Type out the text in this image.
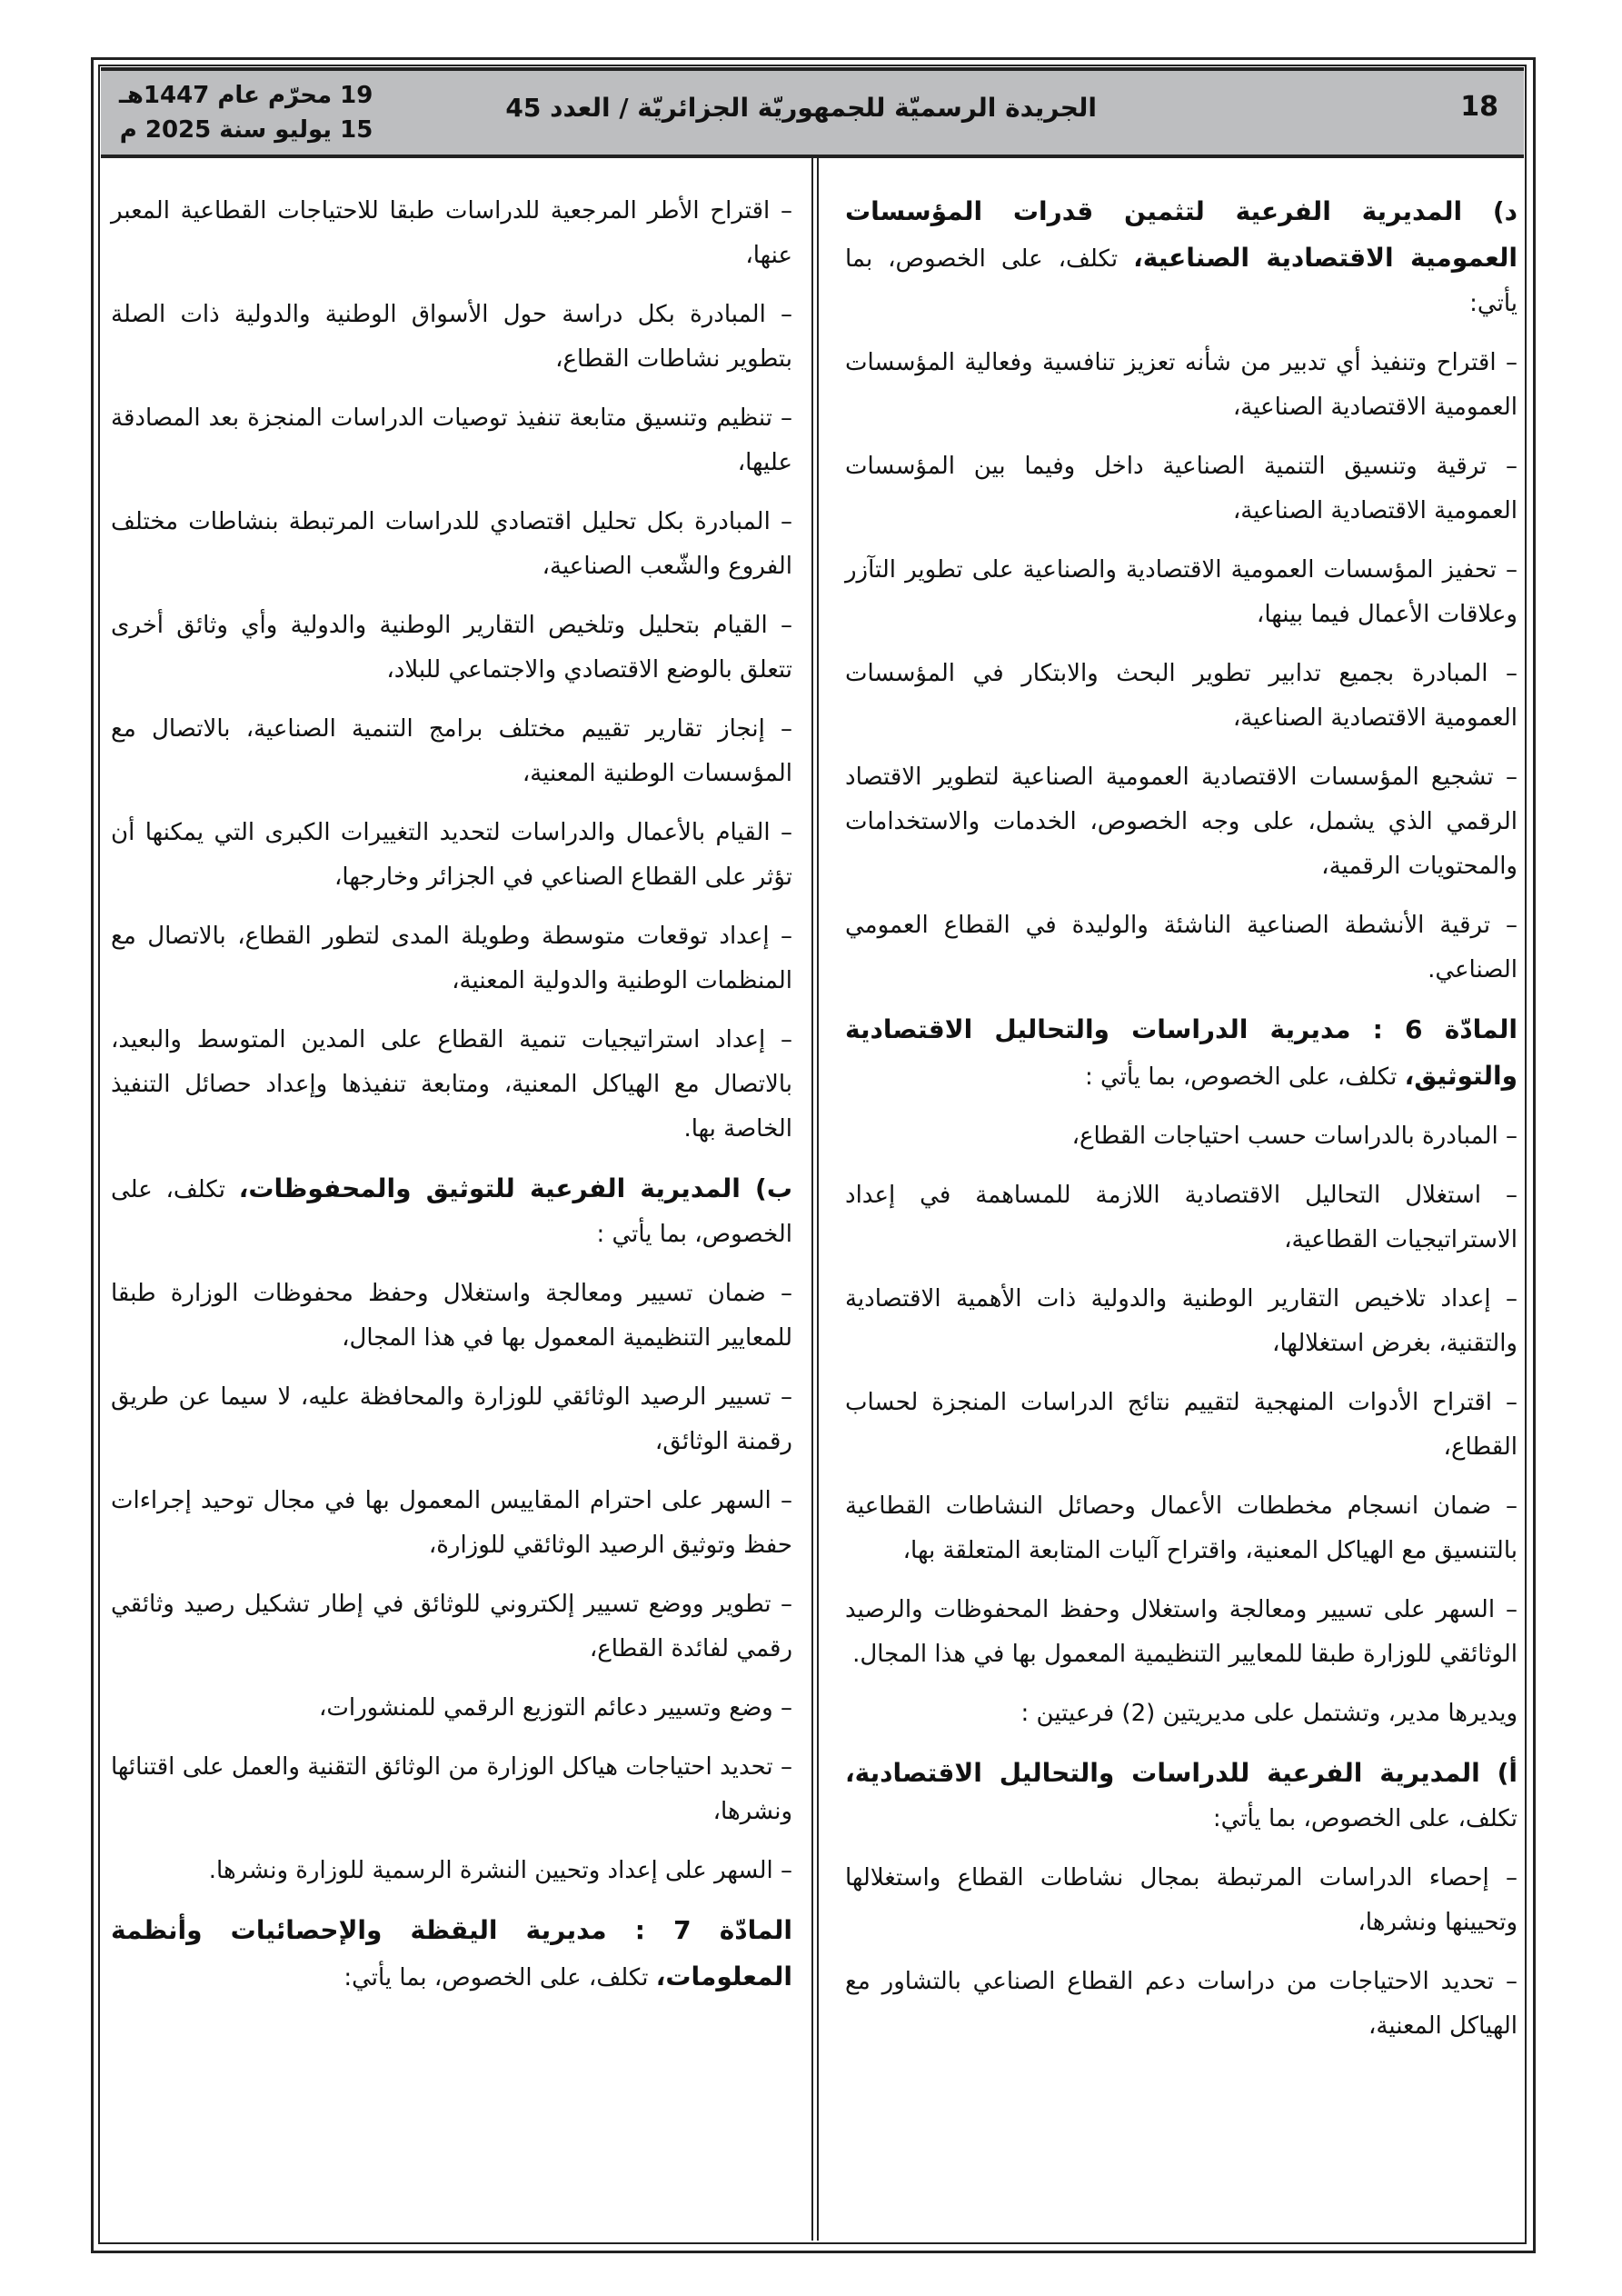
18
الجريدة الرسميّة للجمهوريّة الجزائريّة / العدد 45
19 محرّم عام 1447هـ
15 يوليو سنة 2025 م

د) المديرية الفرعية لتثمين قدرات المؤسسات العمومية الاقتصادية الصناعية، تكلف، على الخصوص، بما يأتي:

– اقتراح وتنفيذ أي تدبير من شأنه تعزيز تنافسية وفعالية المؤسسات العمومية الاقتصادية الصناعية،

– ترقية وتنسيق التنمية الصناعية داخل وفيما بين المؤسسات العمومية الاقتصادية الصناعية،

– تحفيز المؤسسات العمومية الاقتصادية والصناعية على تطوير التآزر وعلاقات الأعمال فيما بينها،

– المبادرة بجميع تدابير تطوير البحث والابتكار في المؤسسات العمومية الاقتصادية الصناعية،

– تشجيع المؤسسات الاقتصادية العمومية الصناعية لتطوير الاقتصاد الرقمي الذي يشمل، على وجه الخصوص، الخدمات والاستخدامات والمحتويات الرقمية،

– ترقية الأنشطة الصناعية الناشئة والوليدة في القطاع العمومي الصناعي.

المادّة 6 : مديرية الدراسات والتحاليل الاقتصادية والتوثيق، تكلف، على الخصوص، بما يأتي :

– المبادرة بالدراسات حسب احتياجات القطاع،

– استغلال التحاليل الاقتصادية اللازمة للمساهمة في إعداد الاستراتيجيات القطاعية،

– إعداد تلاخيص التقارير الوطنية والدولية ذات الأهمية الاقتصادية والتقنية، بغرض استغلالها،

– اقتراح الأدوات المنهجية لتقييم نتائج الدراسات المنجزة لحساب القطاع،

– ضمان انسجام مخططات الأعمال وحصائل النشاطات القطاعية بالتنسيق مع الهياكل المعنية، واقتراح آليات المتابعة المتعلقة بها،

– السهر على تسيير ومعالجة واستغلال وحفظ المحفوظات والرصيد الوثائقي للوزارة طبقا للمعايير التنظيمية المعمول بها في هذا المجال.

ويديرها مدير، وتشتمل على مديريتين (2) فرعيتين :

أ) المديرية الفرعية للدراسات والتحاليل الاقتصادية، تكلف، على الخصوص، بما يأتي:

– إحصاء الدراسات المرتبطة بمجال نشاطات القطاع واستغلالها وتحيينها ونشرها،

– تحديد الاحتياجات من دراسات دعم القطاع الصناعي بالتشاور مع الهياكل المعنية،

– اقتراح الأطر المرجعية للدراسات طبقا للاحتياجات القطاعية المعبر عنها،

– المبادرة بكل دراسة حول الأسواق الوطنية والدولية ذات الصلة بتطوير نشاطات القطاع،

– تنظيم وتنسيق متابعة تنفيذ توصيات الدراسات المنجزة بعد المصادقة عليها،

– المبادرة بكل تحليل اقتصادي للدراسات المرتبطة بنشاطات مختلف الفروع والشّعب الصناعية،

– القيام بتحليل وتلخيص التقارير الوطنية والدولية وأي وثائق أخرى تتعلق بالوضع الاقتصادي والاجتماعي للبلاد،

– إنجاز تقارير تقييم مختلف برامج التنمية الصناعية، بالاتصال مع المؤسسات الوطنية المعنية،

– القيام بالأعمال والدراسات لتحديد التغييرات الكبرى التي يمكنها أن تؤثر على القطاع الصناعي في الجزائر وخارجها،

– إعداد توقعات متوسطة وطويلة المدى لتطور القطاع، بالاتصال مع المنظمات الوطنية والدولية المعنية،

– إعداد استراتيجيات تنمية القطاع على المدين المتوسط والبعيد، بالاتصال مع الهياكل المعنية، ومتابعة تنفيذها وإعداد حصائل التنفيذ الخاصة بها.

ب) المديرية الفرعية للتوثيق والمحفوظات، تكلف، على الخصوص، بما يأتي :

– ضمان تسيير ومعالجة واستغلال وحفظ محفوظات الوزارة طبقا للمعايير التنظيمية المعمول بها في هذا المجال،

– تسيير الرصيد الوثائقي للوزارة والمحافظة عليه، لا سيما عن طريق رقمنة الوثائق،

– السهر على احترام المقاييس المعمول بها في مجال توحيد إجراءات حفظ وتوثيق الرصيد الوثائقي للوزارة،

– تطوير ووضع تسيير إلكتروني للوثائق في إطار تشكيل رصيد وثائقي رقمي لفائدة القطاع،

– وضع وتسيير دعائم التوزيع الرقمي للمنشورات،

– تحديد احتياجات هياكل الوزارة من الوثائق التقنية والعمل على اقتنائها ونشرها،

– السهر على إعداد وتحيين النشرة الرسمية للوزارة ونشرها.

المادّة 7 : مديرية اليقظة والإحصائيات وأنظمة المعلومات، تكلف، على الخصوص، بما يأتي:
